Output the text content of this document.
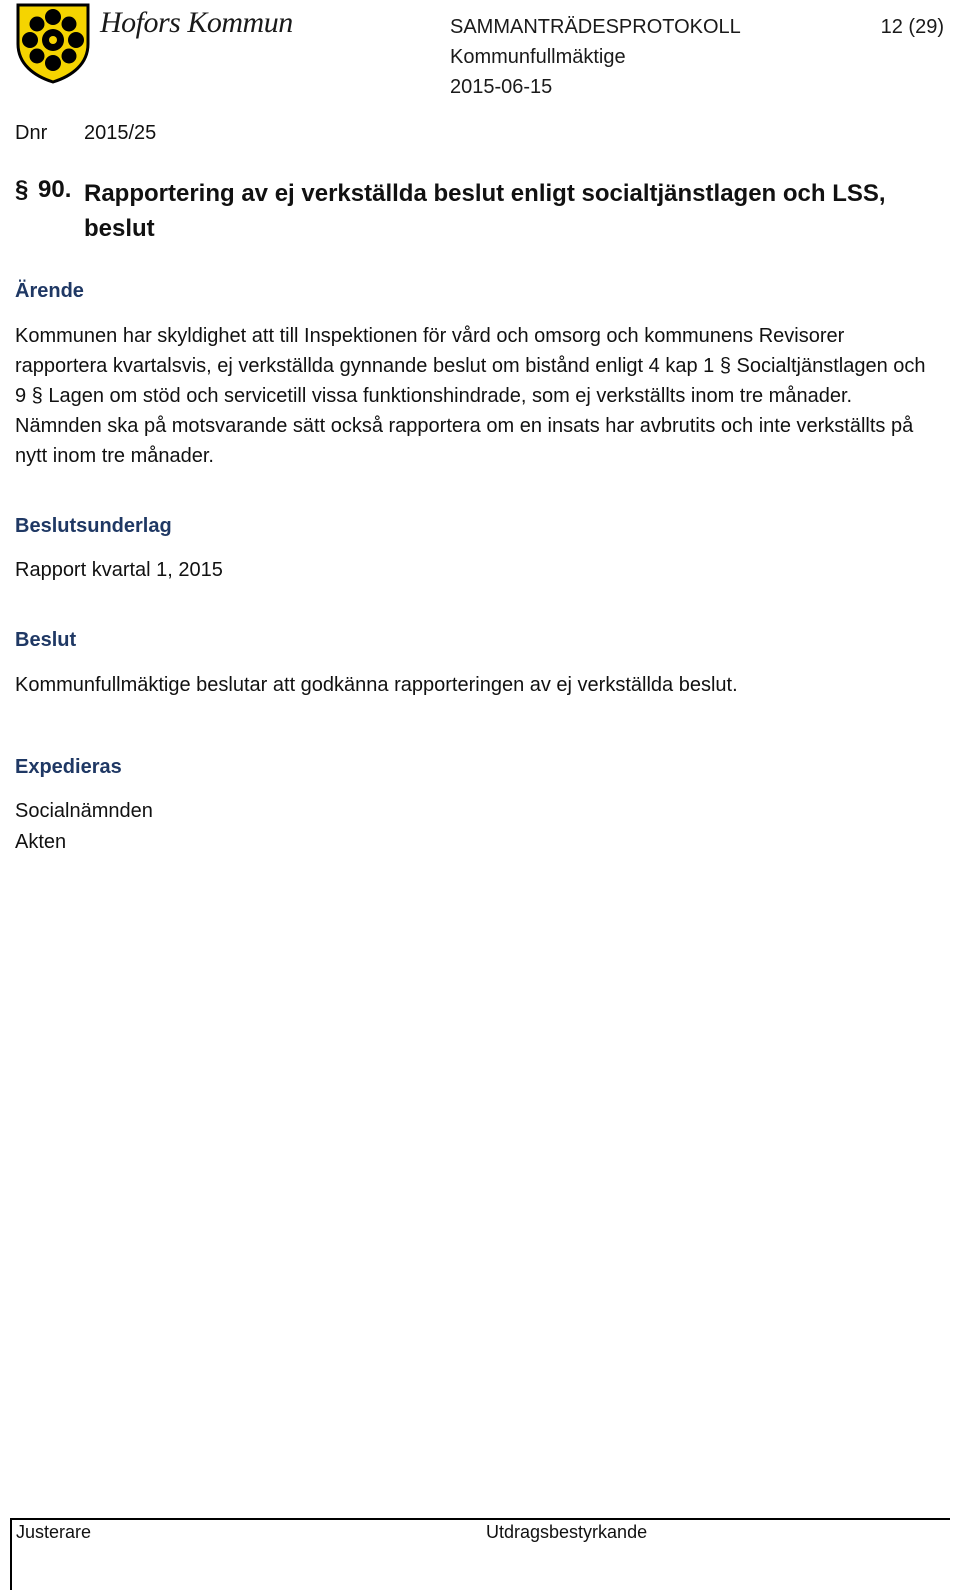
Hofors Kommun	SAMMANTRÄDESPROTOKOLL	12 (29)
Kommunfullmäktige
2015-06-15
Dnr 2015/25
§ 90. Rapportering av ej verkställda beslut enligt socialtjänstlagen och LSS, beslut
Ärende
Kommunen har skyldighet att till Inspektionen för vård och omsorg och kommunens Revisorer rapportera kvartalsvis, ej verkställda gynnande beslut om bistånd enligt 4 kap 1 § Socialtjänstlagen och 9 § Lagen om stöd och servicetill vissa funktionshindrade, som ej verkställts inom tre månader. Nämnden ska på motsvarande sätt också rapportera om en insats har avbrutits och inte verkställts på nytt inom tre månader.
Beslutsunderlag
Rapport kvartal 1, 2015
Beslut
Kommunfullmäktige beslutar att godkänna rapporteringen av ej verkställda beslut.
Expedieras
Socialnämnden
Akten
Justerare	Utdragsbestyrkande
